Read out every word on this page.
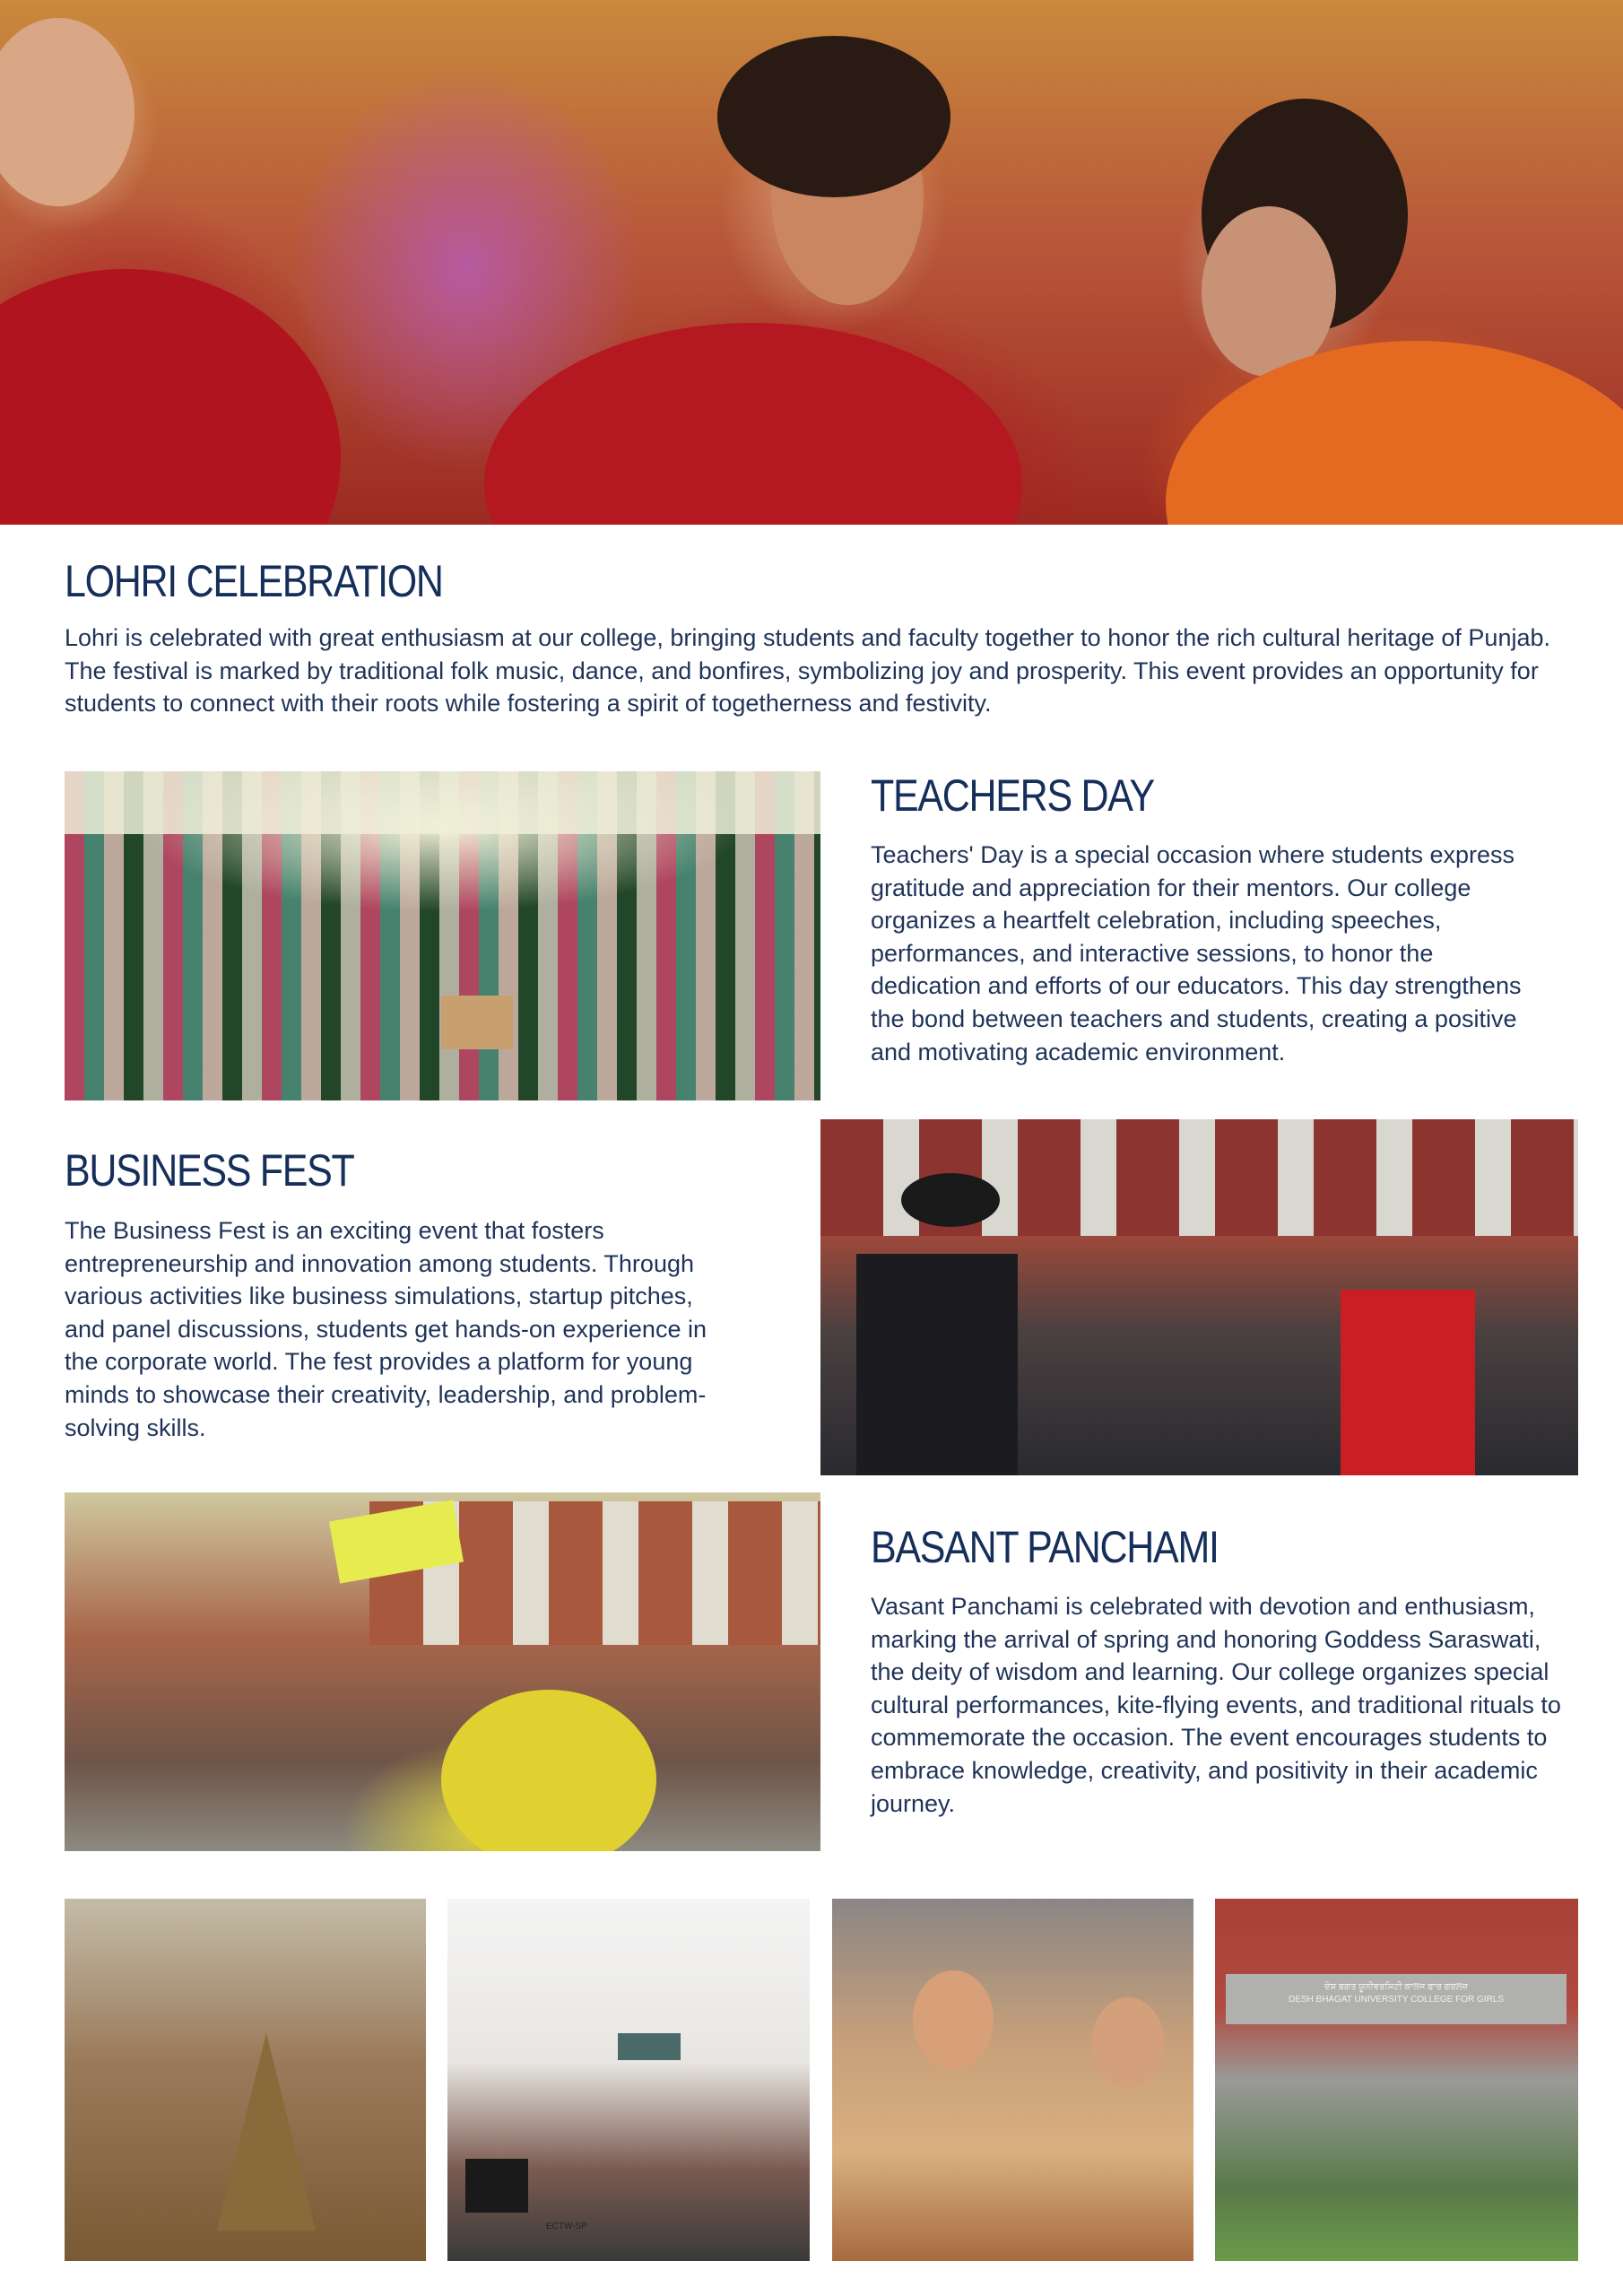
LOHRI CELEBRATION

Lohri is celebrated with great enthusiasm at our college, bringing students and faculty together to honor the rich cultural heritage of Punjab. The festival is marked by traditional folk music, dance, and bonfires, symbolizing joy and prosperity. This event provides an opportunity for students to connect with their roots while fostering a spirit of togetherness and festivity.

TEACHERS DAY

Teachers' Day is a special occasion where students express gratitude and appreciation for their mentors. Our college organizes a heartfelt celebration, including speeches, performances, and interactive sessions, to honor the dedication and efforts of our educators. This day strengthens the bond between teachers and students, creating a positive and motivating academic environment.

BUSINESS FEST

The Business Fest is an exciting event that fosters entrepreneurship and innovation among students. Through various activities like business simulations, startup pitches, and panel discussions, students get hands-on experience in the corporate world. The fest provides a platform for young minds to showcase their creativity, leadership, and problem-solving skills.

BASANT PANCHAMI

Vasant Panchami is celebrated with devotion and enthusiasm, marking the arrival of spring and honoring Goddess Saraswati, the deity of wisdom and learning. Our college organizes special cultural performances, kite-flying events, and traditional rituals to commemorate the occasion. The event encourages students to embrace knowledge, creativity, and positivity in their academic journey.

ECTW-SP
ਦੇਸ਼ ਭਗਤ ਯੂਨੀਵਰਸਿਟੀ ਕਾਲਜ ਫ਼ਾਰ ਗਰਲਜ਼
DESH BHAGAT UNIVERSITY COLLEGE FOR GIRLS
